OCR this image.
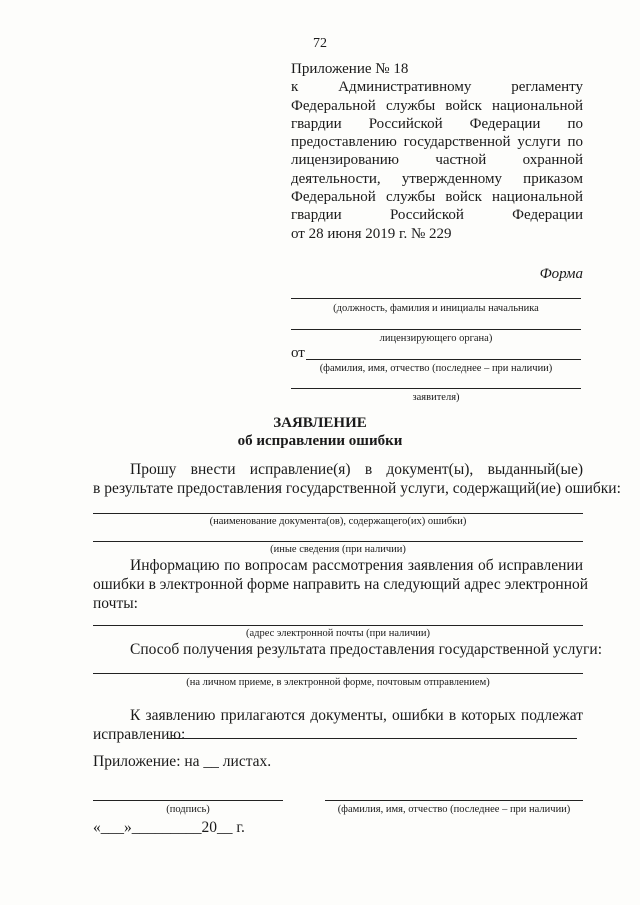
72
Приложение № 18
к Административному регламенту
Федеральной службы войск национальной
гвардии Российской Федерации по
предоставлению государственной услуги по
лицензированию частной охранной
деятельности, утвержденному приказом
Федеральной службы войск национальной
гвардии Российской Федерации
от 28 июня 2019 г. № 229
Форма
(должность, фамилия и инициалы начальника
лицензирующего органа)
от
(фамилия, имя, отчество (последнее – при наличии)
заявителя)
ЗАЯВЛЕНИЕ
об исправлении ошибки
Прошу внести исправление(я) в документ(ы), выданный(ые)
в результате предоставления государственной услуги, содержащий(ие) ошибки:
(наименование документа(ов), содержащего(их) ошибки)
(иные сведения (при наличии)
Информацию по вопросам рассмотрения заявления об исправлении
ошибки в электронной форме направить на следующий адрес электронной
почты:
(адрес электронной почты (при наличии)
Способ получения результата предоставления государственной услуги:
(на личном приеме, в электронной форме, почтовым отправлением)
К заявлению прилагаются документы, ошибки в которых подлежат
исправлению:
Приложение: на __ листах.
(подпись)	(фамилия, имя, отчество (последнее – при наличии)
«___»_________20__ г.
